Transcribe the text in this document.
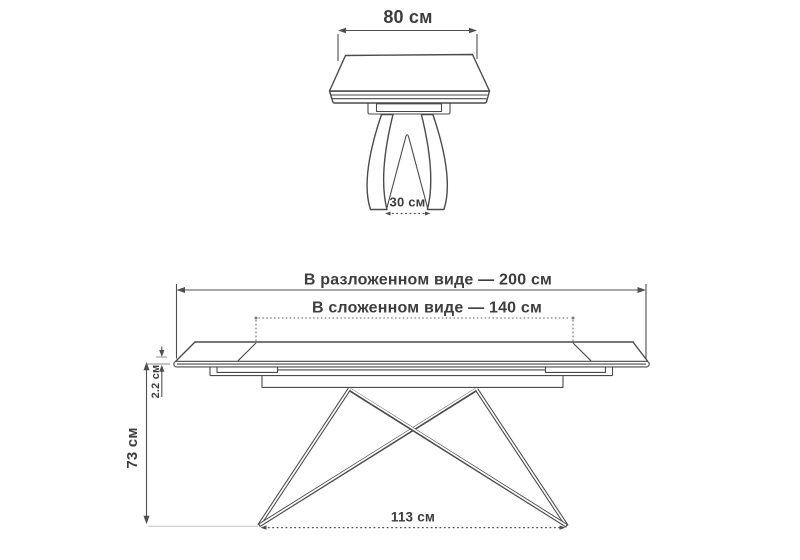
80 см
30 см
В разложенном виде — 200 см
В сложенном виде — 140 см
113 см
73 см
2.2 см
